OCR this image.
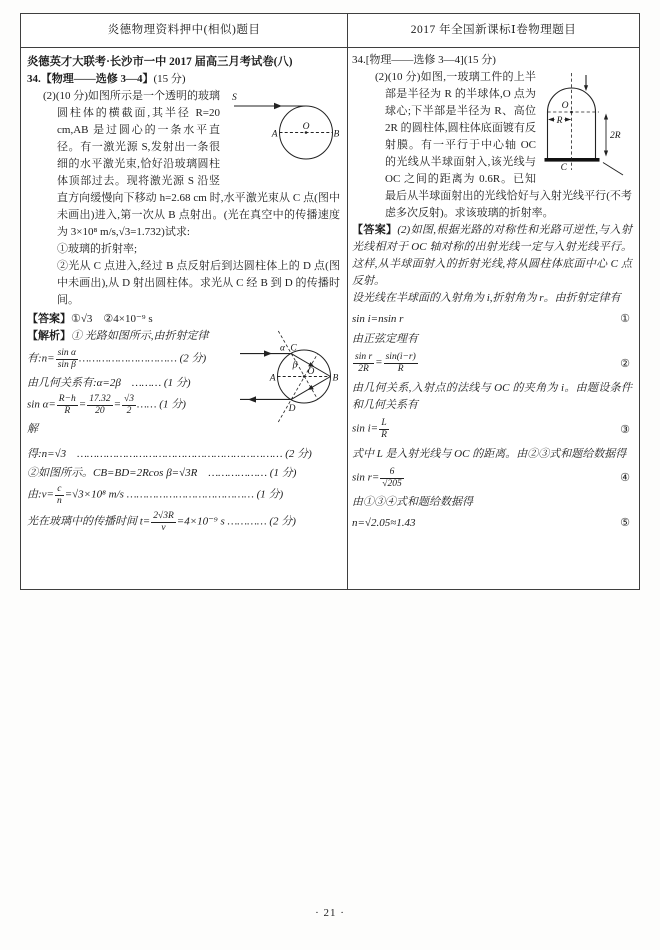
炎德物理资料押中(相似)题目	2017 年全国新课标Ⅰ卷物理题目
炎德英才大联考·长沙市一中 2017 届高三月考试卷(八)
34.【物理——选修 3—4】(15 分)
S
O
A	B
(2)(10 分)如图所示是一个透明的玻璃圆柱体的横截面,其半径 R=20 cm,AB 是过圆心的一条水平直径。有一激光源 S,发射出一条很细的水平激光束,恰好沿玻璃圆柱体顶部过去。现将激光源 S 沿竖直方向缓慢向下移动 h=2.68 cm 时,水平激光束从 C 点(图中未画出)进入,第一次从 B 点射出。(光在真空中的传播速度为 3×10⁸ m/s,√3=1.732)试求:
①玻璃的折射率;
②光从 C 点进入,经过 B 点反射后到达圆柱体上的 D 点(图中未画出),从 D 射出圆柱体。求光从 C 经 B 到 D 的传播时间。
【答案】①√3　②4×10⁻⁹ s
C
α
β
A	B
O
D
【解析】① 光路如图所示,由折射定律
有:n= $\frac{\text{sin α}}{\text{sin β}}$ ………………………… (2 分)
由几何关系有:α=2β　……… (1 分)
$\sin \alpha= \frac{R-h}{R} = \frac{17.32}{20} = \frac{√3}{2}$ …… (1 分)
解得:n=√3　……………………………………………………… (2 分)
②如图所示。CB=BD=2Rcos β=√3R　……………… (1 分)
由:v= $\frac{c}{n} =√3\times 10^8$ m/s ………………………………… (1 分)
光在玻璃中的传播时间 $t= \frac{2√3R}{v} =4\times 10^{-9}$ s ………… (2 分)
34.[物理——选修 3—4](15 分)
O
R
2R
C
(2)(10 分)如图,一玻璃工件的上半部是半径为 R 的半球体,O 点为球心;下半部是半径为 R、高位 2R 的圆柱体,圆柱体底面镀有反射膜。有一平行于中心轴 OC 的光线从半球面射入,该光线与 OC 之间的距离为 0.6R。已知最后从半球面射出的光线恰好与入射光线平行(不考虑多次反射)。求该玻璃的折射率。
【答案】(2)如图,根据光路的对称性和光路可逆性,与入射光线相对于 OC 轴对称的出射光线一定与入射光线平行。这样,从半球面射入的折射光线,将从圆柱体底面中心 C 点反射。
设光线在半球面的入射角为 i,折射角为 r。由折射定律有
sin i=nsin r	①
由正弦定理有
$\frac{\text{sin r}}{2R} = \frac{\sin(i-r)}{R}$	②
由几何关系,入射点的法线与 OC 的夹角为 i。由题设条件和几何关系有
$\sin i= \frac{L}{R}$	③
式中 L 是入射光线与 OC 的距离。由②③式和题给数据得
$\sin r= \frac{6}{√205}$	④
由①③④式和题给数据得
n=√2.05≈1.43	⑤
· 21 ·
